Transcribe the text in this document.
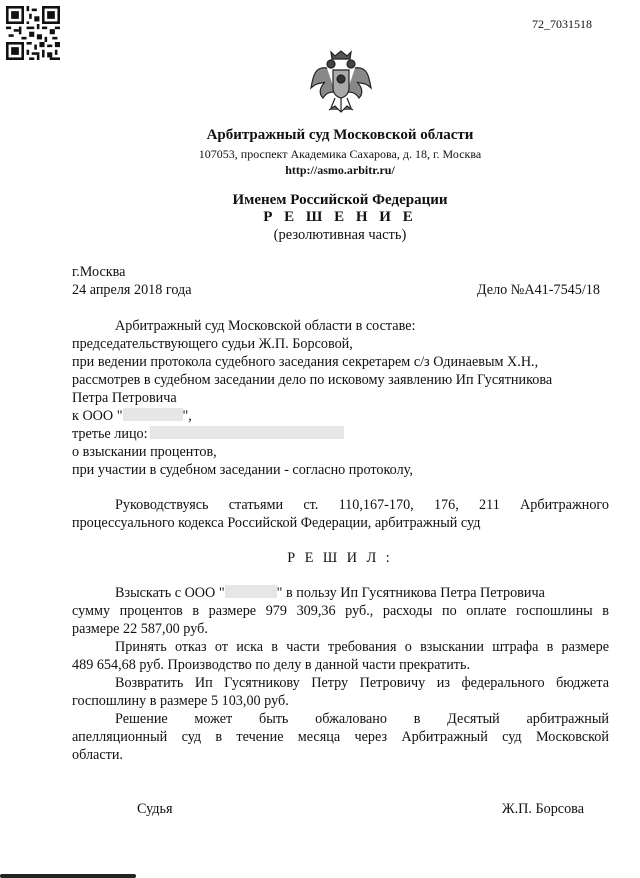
72_7031518
Арбитражный суд Московской области
107053, проспект Академика Сахарова, д. 18, г. Москва
http://asmo.arbitr.ru/
Именем Российской Федерации
Р Е Ш Е Н И Е
(резолютивная часть)
г.Москва
24 апреля 2018 года	Дело №А41-7545/18
Арбитражный суд Московской области в составе:
председательствующего судьи Ж.П. Борсовой,
при ведении протокола судебного заседания секретарем с/з Одинаевым Х.Н.,
рассмотрев в судебном заседании дело по исковому заявлению Ип Гусятникова
Петра Петровича
к ООО "	",
третье лицо:
о взыскании процентов,
при участии в судебном заседании - согласно протоколу,
Руководствуясь статьями ст. 110,167-170, 176, 211 Арбитражного
процессуального кодекса Российской Федерации, арбитражный суд
Р Е Ш И Л :
Взыскать с ООО "	" в пользу Ип Гусятникова Петра Петровича
сумму процентов в размере 979 309,36 руб., расходы по оплате госпошлины в
размере 22 587,00 руб.
Принять отказ от иска в части требования о взыскании штрафа в размере
489 654,68 руб. Производство по делу в данной части прекратить.
Возвратить Ип Гусятникову Петру Петровичу из федерального бюджета
госпошлину в размере 5 103,00 руб.
Решение    может    быть    обжаловано    в    Десятый    арбитражный
апелляционный суд в течение месяца через Арбитражный суд Московской
области.
Судья	Ж.П. Борсова
